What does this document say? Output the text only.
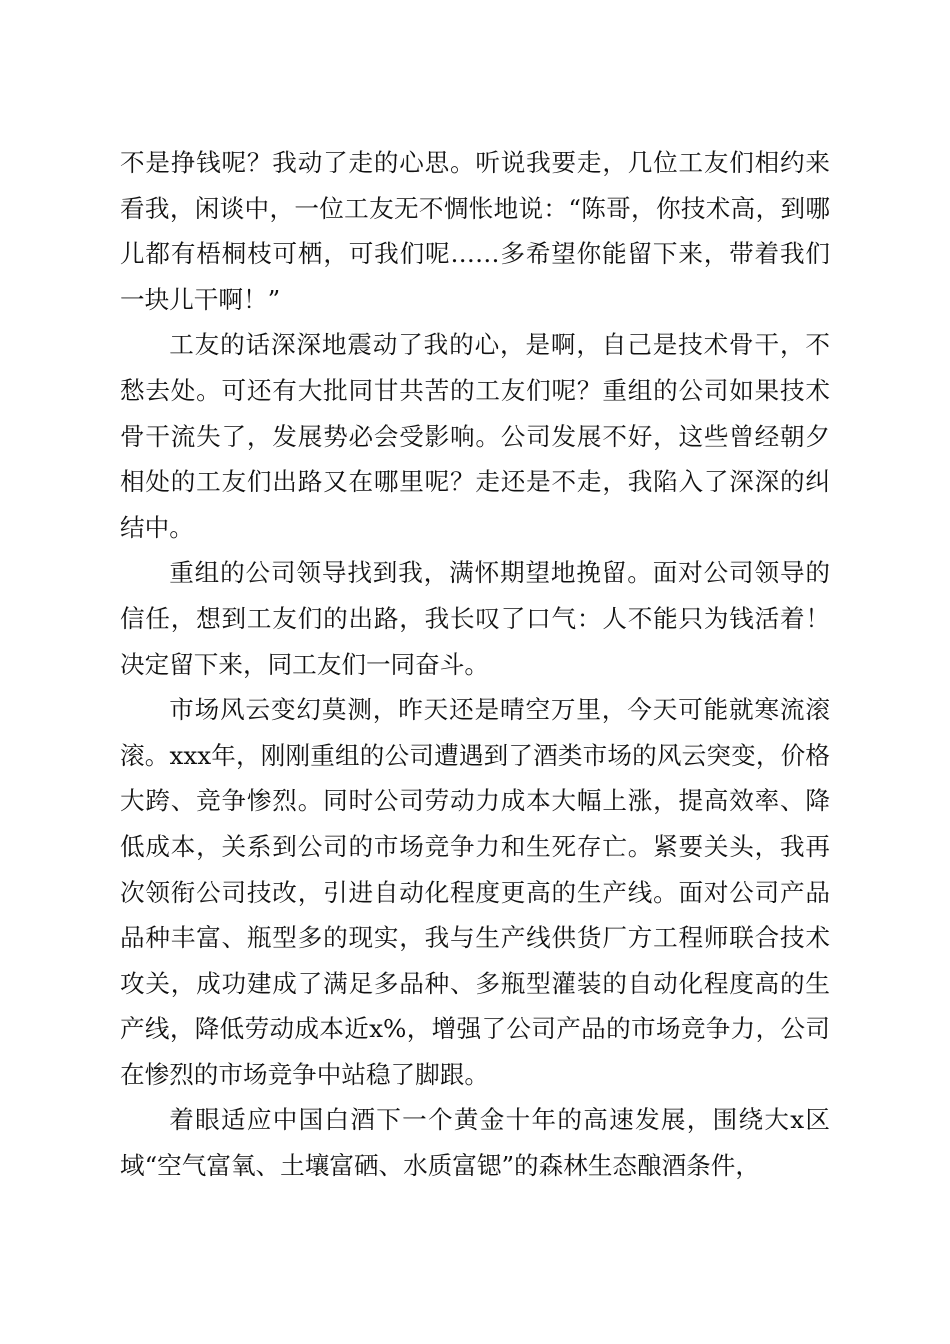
不是挣钱呢？我动了走的心思。听说我要走，几位工友们相约来看我，闲谈中，一位工友无不惆怅地说：“陈哥，你技术高，到哪儿都有梧桐枝可栖，可我们呢……多希望你能留下来，带着我们一块儿干啊！”

工友的话深深地震动了我的心，是啊，自己是技术骨干，不愁去处。可还有大批同甘共苦的工友们呢？重组的公司如果技术骨干流失了，发展势必会受影响。公司发展不好，这些曾经朝夕相处的工友们出路又在哪里呢？走还是不走，我陷入了深深的纠结中。

重组的公司领导找到我，满怀期望地挽留。面对公司领导的信任，想到工友们的出路，我长叹了口气：人不能只为钱活着！决定留下来，同工友们一同奋斗。

市场风云变幻莫测，昨天还是晴空万里，今天可能就寒流滚滚。xxx年，刚刚重组的公司遭遇到了酒类市场的风云突变，价格大跨、竞争惨烈。同时公司劳动力成本大幅上涨，提高效率、降低成本，关系到公司的市场竞争力和生死存亡。紧要关头，我再次领衔公司技改，引进自动化程度更高的生产线。面对公司产品品种丰富、瓶型多的现实，我与生产线供货厂方工程师联合技术攻关，成功建成了满足多品种、多瓶型灌装的自动化程度高的生产线，降低劳动成本近x%，增强了公司产品的市场竞争力，公司在惨烈的市场竞争中站稳了脚跟。

着眼适应中国白酒下一个黄金十年的高速发展，围绕大x区域“空气富氧、土壤富硒、水质富锶”的森林生态酿酒条件，
